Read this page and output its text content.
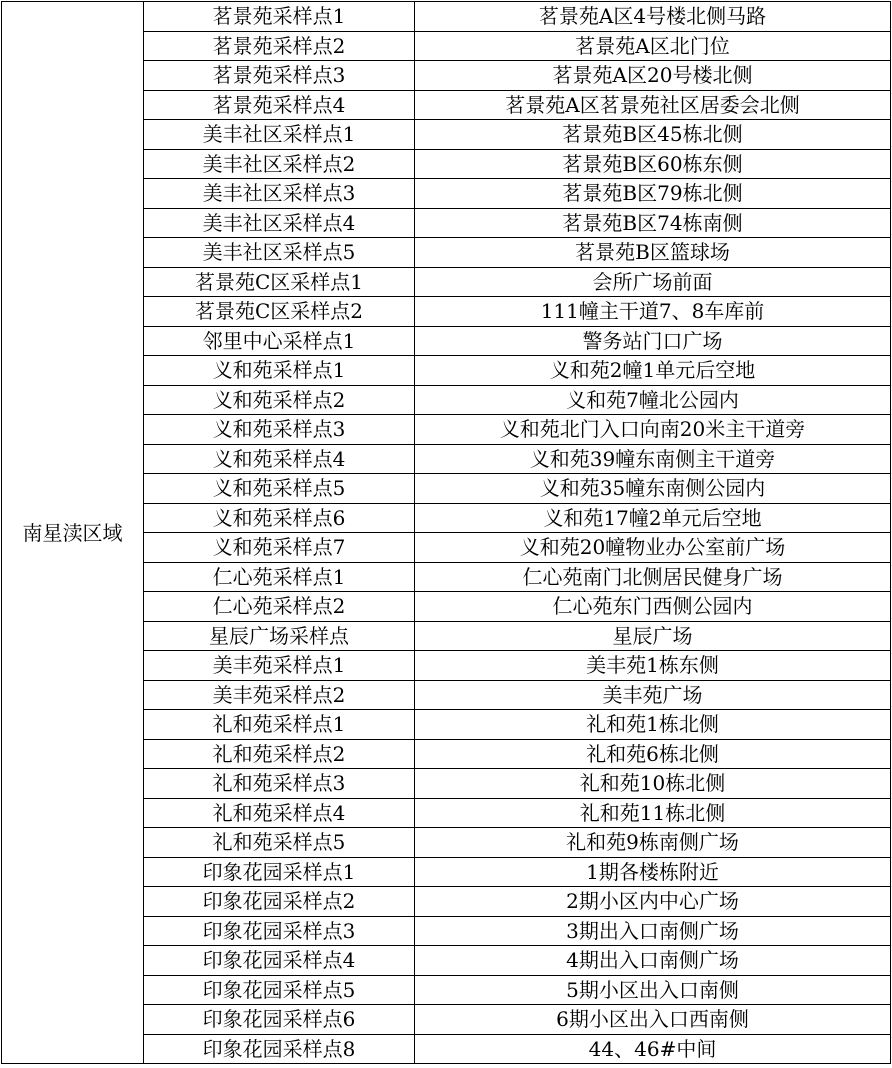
南星渎区域	茗景苑采样点1	茗景苑A区4号楼北侧马路
	茗景苑采样点2	茗景苑A区北门位
	茗景苑采样点3	茗景苑A区20号楼北侧
	茗景苑采样点4	茗景苑A区茗景苑社区居委会北侧
	美丰社区采样点1	茗景苑B区45栋北侧
	美丰社区采样点2	茗景苑B区60栋东侧
	美丰社区采样点3	茗景苑B区79栋北侧
	美丰社区采样点4	茗景苑B区74栋南侧
	美丰社区采样点5	茗景苑B区篮球场
	茗景苑C区采样点1	会所广场前面
	茗景苑C区采样点2	111幢主干道7、8车库前
	邻里中心采样点1	警务站门口广场
	义和苑采样点1	义和苑2幢1单元后空地
	义和苑采样点2	义和苑7幢北公园内
	义和苑采样点3	义和苑北门入口向南20米主干道旁
	义和苑采样点4	义和苑39幢东南侧主干道旁
	义和苑采样点5	义和苑35幢东南侧公园内
	义和苑采样点6	义和苑17幢2单元后空地
	义和苑采样点7	义和苑20幢物业办公室前广场
	仁心苑采样点1	仁心苑南门北侧居民健身广场
	仁心苑采样点2	仁心苑东门西侧公园内
	星辰广场采样点	星辰广场
	美丰苑采样点1	美丰苑1栋东侧
	美丰苑采样点2	美丰苑广场
	礼和苑采样点1	礼和苑1栋北侧
	礼和苑采样点2	礼和苑6栋北侧
	礼和苑采样点3	礼和苑10栋北侧
	礼和苑采样点4	礼和苑11栋北侧
	礼和苑采样点5	礼和苑9栋南侧广场
	印象花园采样点1	1期各楼栋附近
	印象花园采样点2	2期小区内中心广场
	印象花园采样点3	3期出入口南侧广场
	印象花园采样点4	4期出入口南侧广场
	印象花园采样点5	5期小区出入口南侧
	印象花园采样点6	6期小区出入口西南侧
	印象花园采样点8	44、46#中间
